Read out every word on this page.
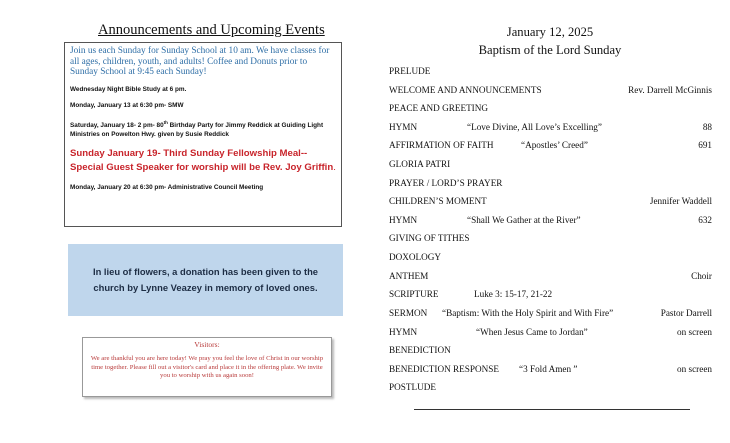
Announcements and Upcoming Events

Join us each Sunday for Sunday School at 10 am. We have classes for all ages, children, youth, and adults! Coffee and Donuts prior to Sunday School at 9:45 each Sunday!

Wednesday Night Bible Study at 6 pm.

Monday, January 13 at 6:30 pm- SMW

Saturday, January 18- 2 pm- 80th Birthday Party for Jimmy Reddick at Guiding Light Ministries on Powelton Hwy. given by Susie Reddick

Sunday January 19- Third Sunday Fellowship Meal--Special Guest Speaker for worship will be Rev. Joy Griffin.

Monday, January 20 at 6:30 pm- Administrative Council Meeting

In lieu of flowers, a donation has been given to the church by Lynne Veazey in memory of loved ones.
Visitors:
We are thankful you are here today! We pray you feel the love of Christ in our worship time together. Please fill out a visitor's card and place it in the offering plate. We invite you to worship with us again soon!
January 12, 2025
Baptism of the Lord Sunday
PRELUDE
WELCOME AND ANNOUNCEMENTS	Rev. Darrell McGinnis
PEACE AND GREETING
HYMN	“Love Divine, All Love’s Excelling”	88
AFFIRMATION OF FAITH	“Apostles’ Creed”	691
GLORIA PATRI
PRAYER / LORD’S PRAYER
CHILDREN’S MOMENT	Jennifer Waddell
HYMN	“Shall We Gather at the River”	632
GIVING OF TITHES
DOXOLOGY
ANTHEM	Choir
SCRIPTURE	Luke 3: 15-17, 21-22
SERMON “Baptism: With the Holy Spirit and With Fire”	Pastor Darrell
HYMN	“When Jesus Came to Jordan”	on screen
BENEDICTION
BENEDICTION RESPONSE “3 Fold Amen ”	on screen
POSTLUDE
